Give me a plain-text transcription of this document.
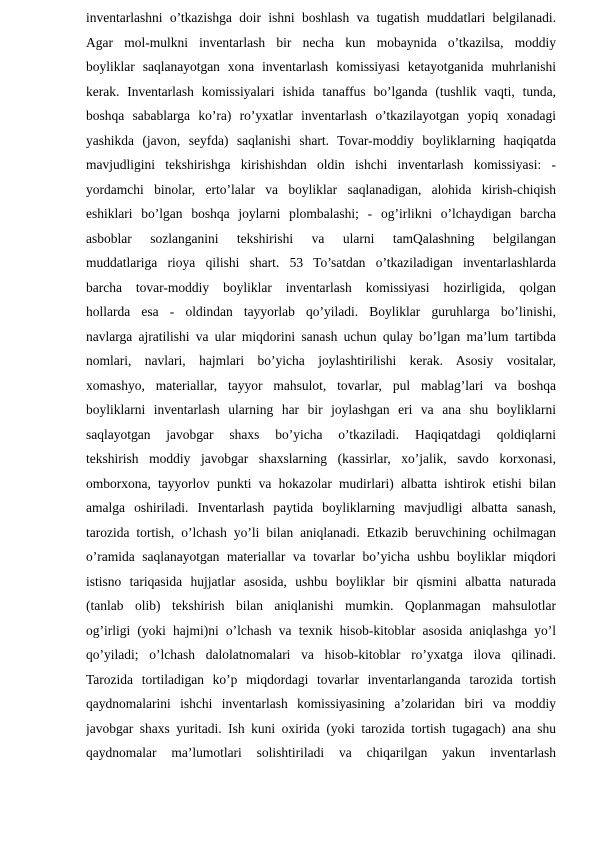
inventarlashni o’tkazishga doir ishni boshlash va tugatish muddatlari belgilanadi.
Agar mol-mulkni inventarlash bir necha kun mobaynida o’tkazilsa, moddiy
boyliklar saqlanayotgan xona inventarlash komissiyasi ketayotganida muhrlanishi
kerak. Inventarlash komissiyalari ishida tanaffus bo’lganda (tushlik vaqti, tunda,
boshqa sabablarga ko’ra) ro’yxatlar inventarlash o’tkazilayotgan yopiq xonadagi
yashikda (javon, seyfda) saqlanishi shart. Tovar-moddiy boyliklarning haqiqatda
mavjudligini tekshirishga kirishishdan oldin ishchi inventarlash komissiyasi: -
yordamchi binolar, erto’lalar va boyliklar saqlanadigan, alohida kirish-chiqish
eshiklari bo’lgan boshqa joylarni plombalashi; - og’irlikni o’lchaydigan barcha
asboblar sozlanganini tekshirishi va ularni tamQalashning belgilangan
muddatlariga rioya qilishi shart. 53 To’satdan o’tkaziladigan inventarlashlarda
barcha tovar-moddiy boyliklar inventarlash komissiyasi hozirligida, qolgan
hollarda esa - oldindan tayyorlab qo’yiladi. Boyliklar guruhlarga bo’linishi,
navlarga ajratilishi va ular miqdorini sanash uchun qulay bo’lgan ma’lum tartibda
nomlari, navlari, hajmlari bo’yicha joylashtirilishi kerak. Asosiy vositalar,
xomashyo, materiallar, tayyor mahsulot, tovarlar, pul mablag’lari va boshqa
boyliklarni inventarlash ularning har bir joylashgan eri va ana shu boyliklarni
saqlayotgan javobgar shaxs bo’yicha o’tkaziladi. Haqiqatdagi qoldiqlarni
tekshirish moddiy javobgar shaxslarning (kassirlar, xo’jalik, savdo korxonasi,
omborxona, tayyorlov punkti va hokazolar mudirlari) albatta ishtirok etishi bilan
amalga oshiriladi. Inventarlash paytida boyliklarning mavjudligi albatta sanash,
tarozida tortish, o’lchash yo’li bilan aniqlanadi. Etkazib beruvchining ochilmagan
o’ramida saqlanayotgan materiallar va tovarlar bo’yicha ushbu boyliklar miqdori
istisno tariqasida hujjatlar asosida, ushbu boyliklar bir qismini albatta naturada
(tanlab olib) tekshirish bilan aniqlanishi mumkin. Qoplanmagan mahsulotlar
og’irligi (yoki hajmi)ni o’lchash va texnik hisob-kitoblar asosida aniqlashga yo’l
qo’yiladi; o’lchash dalolatnomalari va hisob-kitoblar ro’yxatga ilova qilinadi.
Tarozida tortiladigan ko’p miqdordagi tovarlar inventarlanganda tarozida tortish
qaydnomalarini ishchi inventarlash komissiyasining a’zolaridan biri va moddiy
javobgar shaxs yuritadi. Ish kuni oxirida (yoki tarozida tortish tugagach) ana shu
qaydnomalar ma’lumotlari solishtiriladi va chiqarilgan yakun inventarlash
